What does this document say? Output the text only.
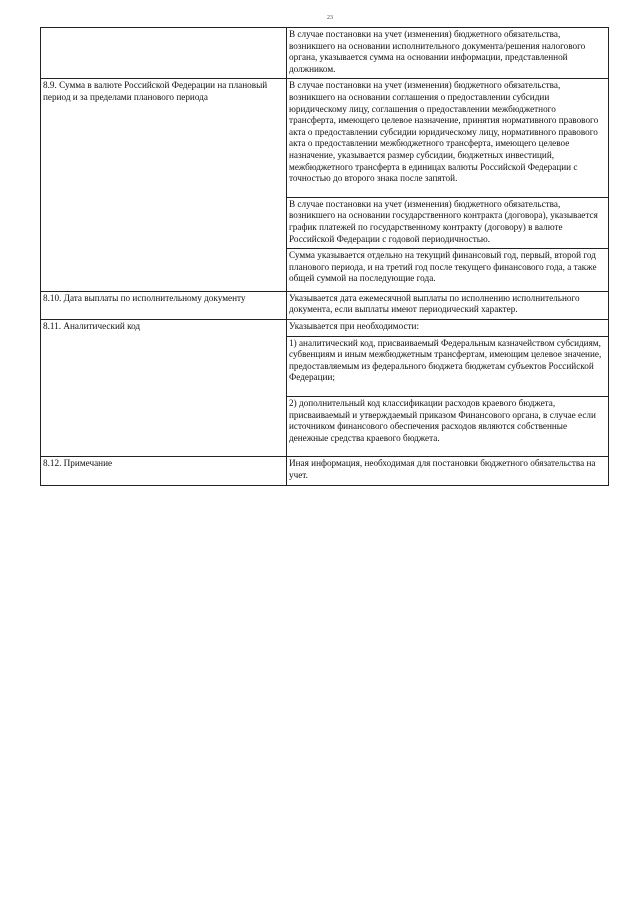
23

	В случае постановки на учет (изменения) бюджетного обязательства, возникшего на основании исполнительного документа/решения налогового органа, указывается сумма на основании информации, представленной должником.

8.9. Сумма в валюте Российской Федерации на плановый период и за пределами планового периода	В случае постановки на учет (изменения) бюджетного обязательства, возникшего на основании соглашения о предоставлении субсидии юридическому лицу, соглашения о предоставлении межбюджетного трансферта, имеющего целевое назначение, принятия нормативного правового акта о предоставлении субсидии юридическому лицу, нормативного правового акта о предоставлении межбюджетного трансферта, имеющего целевое назначение, указывается размер субсидии, бюджетных инвестиций, межбюджетного трансферта в единицах валюты Российской Федерации с точностью до второго знака после запятой.
В случае постановки на учет (изменения) бюджетного обязательства, возникшего на основании государственного контракта (договора), указывается график платежей по государственному контракту (договору) в валюте Российской Федерации с годовой периодичностью.
Сумма указывается отдельно на текущий финансовый год, первый, второй год планового периода, и на третий год после текущего финансового года, а также общей суммой на последующие года.

8.10. Дата выплаты по исполнительному документу	Указывается дата ежемесячной выплаты по исполнению исполнительного документа, если выплаты имеют периодический характер.

8.11. Аналитический код	Указывается при необходимости:
1) аналитический код, присваиваемый Федеральным казначейством субсидиям, субвенциям и иным межбюджетным трансфертам, имеющим целевое значение, предоставляемым из федерального бюджета бюджетам субъектов Российской Федерации;
2) дополнительный код классификации расходов краевого бюджета, присваиваемый и утверждаемый приказом Финансового органа, в случае если источником финансового обеспечения расходов являются собственные денежные средства краевого бюджета.

8.12. Примечание	Иная информация, необходимая для постановки бюджетного обязательства на учет.
